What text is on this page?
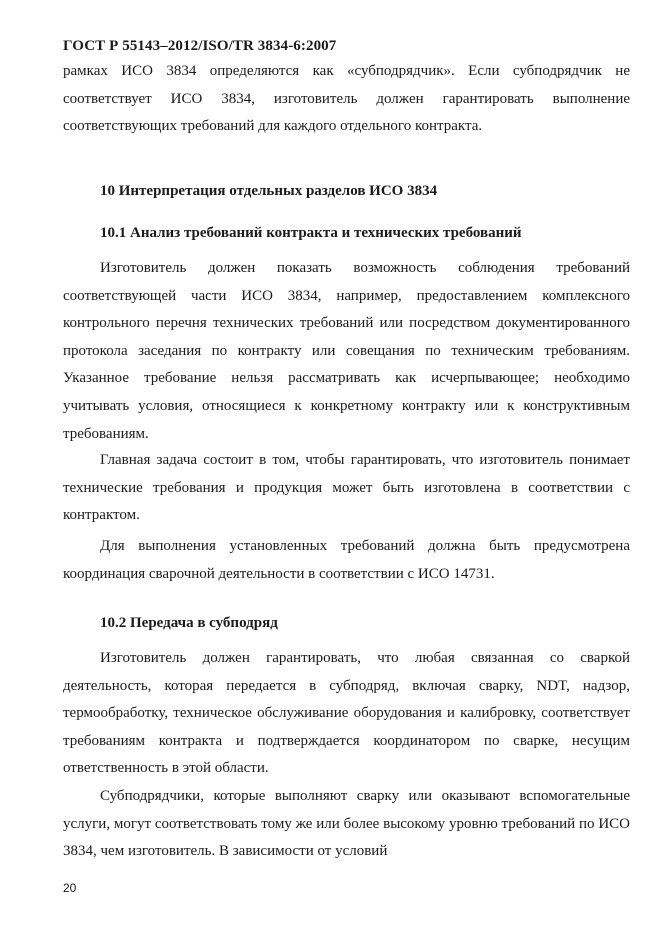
ГОСТ Р 55143–2012/ISO/TR 3834-6:2007

рамках ИСО 3834 определяются как «субподрядчик». Если субподрядчик не соответствует ИСО 3834, изготовитель должен гарантировать выполнение соответствующих требований для каждого отдельного контракта.

10 Интерпретация отдельных разделов ИСО 3834
10.1 Анализ требований контракта и технических требований

Изготовитель должен показать возможность соблюдения требований соответствующей части ИСО 3834, например, предоставлением комплексного контрольного перечня технических требований или посредством документированного протокола заседания по контракту или совещания по техническим требованиям. Указанное требование нельзя рассматривать как исчерпывающее; необходимо учитывать условия, относящиеся к конкретному контракту или к конструктивным требованиям.

Главная задача состоит в том, чтобы гарантировать, что изготовитель понимает технические требования и продукция может быть изготовлена в соответствии с контрактом.

Для выполнения установленных требований должна быть предусмотрена координация сварочной деятельности в соответствии с ИСО 14731.

10.2 Передача в субподряд

Изготовитель должен гарантировать, что любая связанная со сваркой деятельность, которая передается в субподряд, включая сварку, NDT, надзор, термообработку, техническое обслуживание оборудования и калибровку, соответствует требованиям контракта и подтверждается координатором по сварке, несущим ответственность в этой области.

Субподрядчики, которые выполняют сварку или оказывают вспомогательные услуги, могут соответствовать тому же или более высокому уровню требований по ИСО 3834, чем изготовитель. В зависимости от условий

20
